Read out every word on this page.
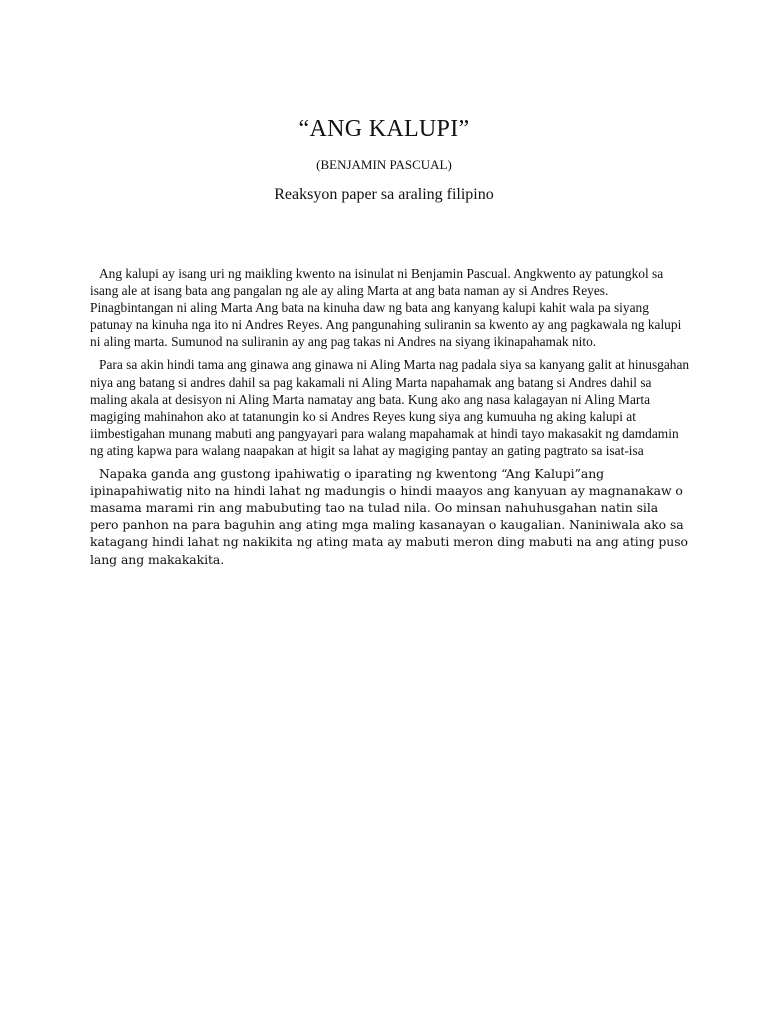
“ANG KALUPI”
(BENJAMIN PASCUAL)
Reaksyon paper sa araling filipino

Ang kalupi ay isang uri ng maikling kwento na isinulat ni Benjamin Pascual. Angkwento ay patungkol sa isang ale at isang bata ang pangalan ng ale ay aling Marta at ang bata naman ay si Andres Reyes. Pinagbintangan ni aling Marta Ang bata na kinuha daw ng bata ang kanyang kalupi kahit wala pa siyang patunay na kinuha nga ito ni Andres Reyes. Ang pangunahing suliranin sa kwento ay ang pagkawala ng kalupi ni aling marta. Sumunod na suliranin ay ang pag takas ni Andres na siyang ikinapahamak nito.

Para sa akin hindi tama ang ginawa ang ginawa ni Aling Marta nag padala siya sa kanyang galit at hinusgahan niya ang batang si andres dahil sa pag kakamali ni Aling Marta napahamak ang batang si Andres dahil sa maling akala at desisyon ni Aling Marta namatay ang bata. Kung ako ang nasa kalagayan ni Aling Marta magiging mahinahon ako at tatanungin ko si Andres Reyes kung siya ang kumuuha ng aking kalupi at iimbestigahan munang mabuti ang pangyayari para walang mapahamak at hindi tayo makasakit ng damdamin ng ating kapwa para walang naapakan at higit sa lahat ay magiging pantay an gating pagtrato sa isat-isa

Napaka ganda ang gustong ipahiwatig o iparating ng kwentong “Ang Kalupi”ang ipinapahiwatig nito na hindi lahat ng madungis o hindi maayos ang kanyuan ay magnanakaw o masama marami rin ang mabubuting tao na tulad nila. Oo minsan nahuhusgahan natin sila pero panhon na para baguhin ang ating mga maling kasanayan o kaugalian. Naniniwala ako sa katagang hindi lahat ng nakikita ng ating mata ay mabuti meron ding mabuti na ang ating puso lang ang makakakita.
